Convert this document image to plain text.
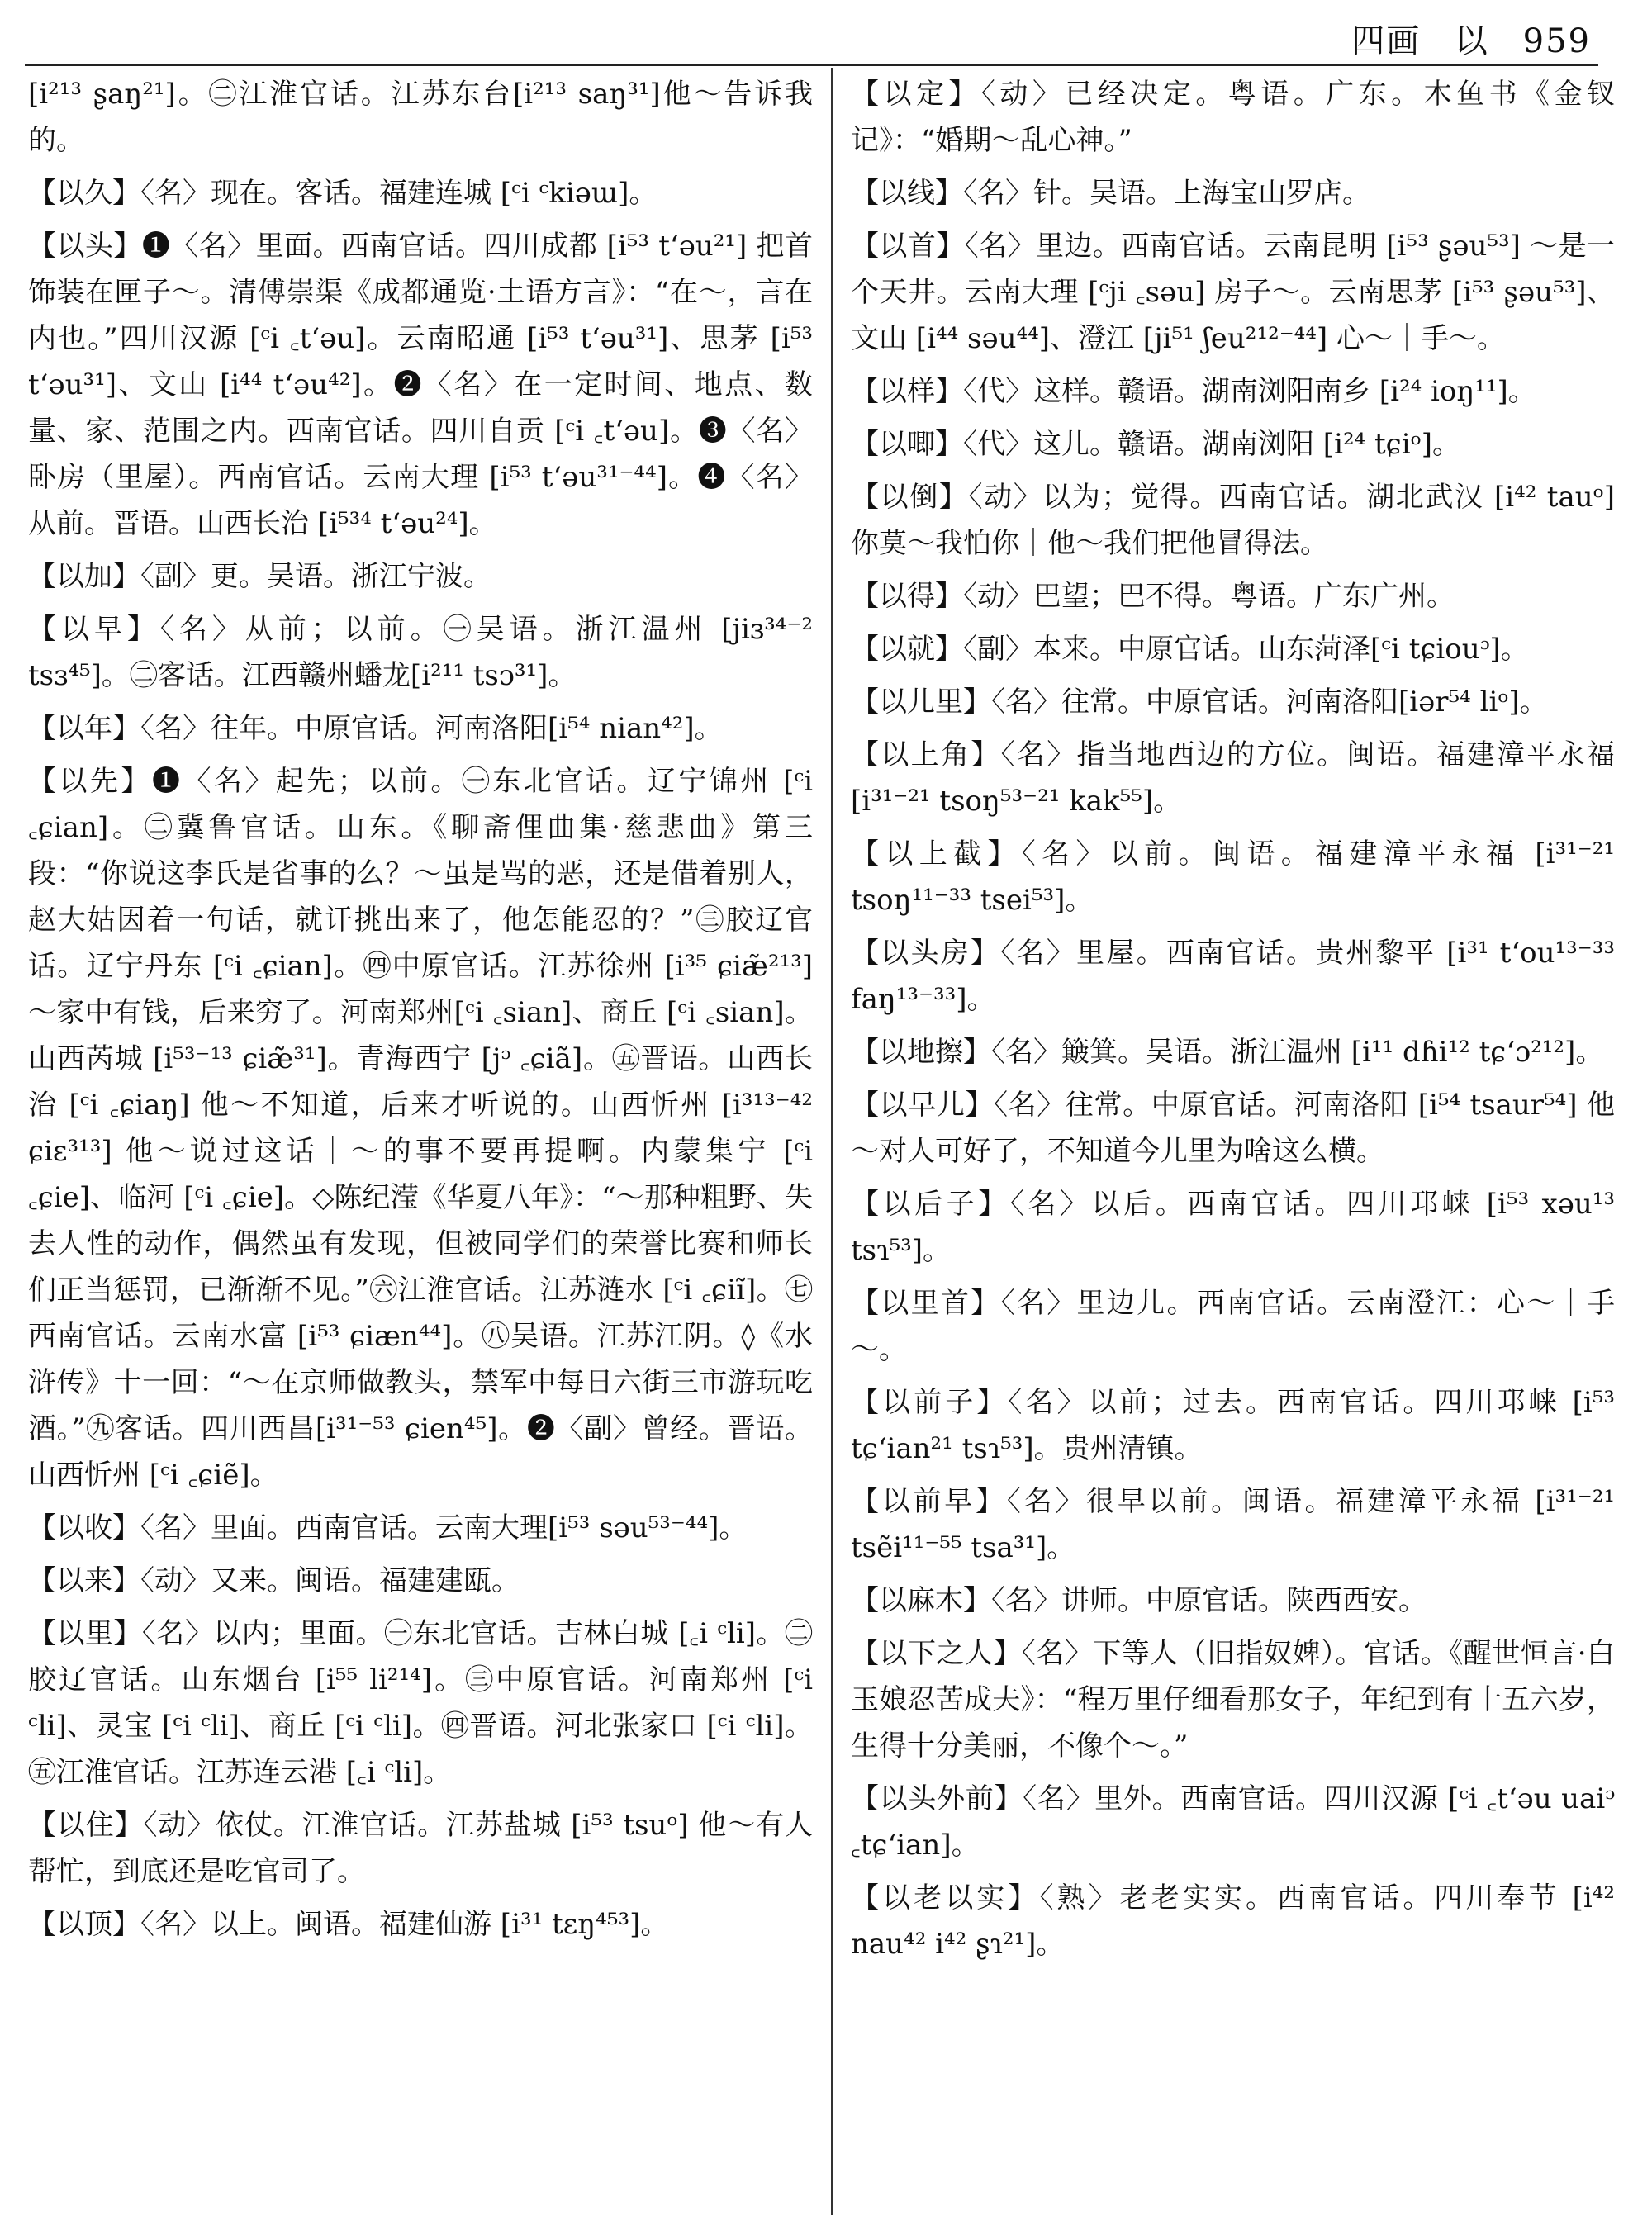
四画 以 959
[i²¹³ ʂaŋ²¹]。㊁江淮官话。江苏东台[i²¹³ saŋ³¹]他～告诉我的。
【以久】〈名〉现在。客话。福建连城 [ᶜi ᶜkiəɯ]。
【以头】❶〈名〉里面。西南官话。四川成都 [i⁵³ tʻəu²¹] 把首饰装在匣子～。清傅崇渠《成都通览·土语方言》：“在～，言在内也。”四川汉源 [ᶜi ꜀tʻəu]。云南昭通 [i⁵³ tʻəu³¹]、思茅 [i⁵³ tʻəu³¹]、文山 [i⁴⁴ tʻəu⁴²]。❷〈名〉在一定时间、地点、数量、家、范围之内。西南官话。四川自贡 [ᶜi ꜀tʻəu]。❸〈名〉卧房（里屋）。西南官话。云南大理 [i⁵³ tʻəu³¹⁻⁴⁴]。❹〈名〉从前。晋语。山西长治 [i⁵³⁴ tʻəu²⁴]。
【以加】〈副〉更。吴语。浙江宁波。
【以早】〈名〉从前；以前。㊀吴语。浙江温州 [jiɜ³⁴⁻² tsɜ⁴⁵]。㊁客话。江西赣州蟠龙[i²¹¹ tsɔ³¹]。
【以年】〈名〉往年。中原官话。河南洛阳[i⁵⁴ nian⁴²]。
【以先】❶〈名〉起先；以前。㊀东北官话。辽宁锦州 [ᶜi ꜀ɕian]。㊁冀鲁官话。山东。《聊斋俚曲集·慈悲曲》第三段：“你说这李氏是省事的么？～虽是骂的恶，还是借着别人，赵大姑因着一句话，就讦挑出来了，他怎能忍的？”㊂胶辽官话。辽宁丹东 [ᶜi ꜀ɕian]。㊃中原官话。江苏徐州 [i³⁵ ɕiæ̃²¹³]～家中有钱，后来穷了。河南郑州[ᶜi ꜀sian]、商丘 [ᶜi ꜀sian]。山西芮城 [i⁵³⁻¹³ ɕiæ̃³¹]。青海西宁 [jᵓ ꜀ɕiã]。㊄晋语。山西长治 [ᶜi ꜀ɕiaŋ] 他～不知道，后来才听说的。山西忻州 [i³¹³⁻⁴² ɕiɛ³¹³] 他～说过这话｜～的事不要再提啊。内蒙集宁 [ᶜi ꜀ɕie]、临河 [ᶜi ꜀ɕie]。◇陈纪滢《华夏八年》：“～那种粗野、失去人性的动作，偶然虽有发现，但被同学们的荣誉比赛和师长们正当惩罚，已渐渐不见。”㊅江淮官话。江苏涟水 [ᶜi ꜀ɕiĩ]。㊆西南官话。云南水富 [i⁵³ ɕiæn⁴⁴]。㊇吴语。江苏江阴。◊《水浒传》十一回：“～在京师做教头，禁军中每日六街三市游玩吃酒。”㊈客话。四川西昌[i³¹⁻⁵³ ɕien⁴⁵]。❷〈副〉曾经。晋语。山西忻州 [ᶜi ꜀ɕiẽ]。
【以收】〈名〉里面。西南官话。云南大理[i⁵³ səu⁵³⁻⁴⁴]。
【以来】〈动〉又来。闽语。福建建瓯。
【以里】〈名〉以内；里面。㊀东北官话。吉林白城 [꜀i ᶜli]。㊁胶辽官话。山东烟台 [i⁵⁵ li²¹⁴]。㊂中原官话。河南郑州 [ᶜi ᶜli]、灵宝 [ᶜi ᶜli]、商丘 [ᶜi ᶜli]。㊃晋语。河北张家口 [ᶜi ᶜli]。㊄江淮官话。江苏连云港 [꜀i ᶜli]。
【以住】〈动〉依仗。江淮官话。江苏盐城 [i⁵³ tsuᵒ] 他～有人帮忙，到底还是吃官司了。
【以顶】〈名〉以上。闽语。福建仙游 [i³¹ tɛŋ⁴⁵³]。
【以定】〈动〉已经决定。粤语。广东。木鱼书《金钗记》：“婚期～乱心神。”
【以线】〈名〉针。吴语。上海宝山罗店。
【以首】〈名〉里边。西南官话。云南昆明 [i⁵³ ʂəu⁵³] ～是一个天井。云南大理 [ᶜji ꜀səu] 房子～。云南思茅 [i⁵³ ʂəu⁵³]、文山 [i⁴⁴ səu⁴⁴]、澄江 [ji⁵¹ ʃeu²¹²⁻⁴⁴] 心～｜手～。
【以样】〈代〉这样。赣语。湖南浏阳南乡 [i²⁴ ioŋ¹¹]。
【以唧】〈代〉这儿。赣语。湖南浏阳 [i²⁴ tɕiᵒ]。
【以倒】〈动〉以为；觉得。西南官话。湖北武汉 [i⁴² tauᵒ] 你莫～我怕你｜他～我们把他冒得法。
【以得】〈动〉巴望；巴不得。粤语。广东广州。
【以就】〈副〉本来。中原官话。山东菏泽[ᶜi tɕiouᵓ]。
【以儿里】〈名〉往常。中原官话。河南洛阳[iər⁵⁴ liᵒ]。
【以上角】〈名〉指当地西边的方位。闽语。福建漳平永福 [i³¹⁻²¹ tsoŋ⁵³⁻²¹ kak⁵⁵]。
【以上截】〈名〉以前。闽语。福建漳平永福 [i³¹⁻²¹ tsoŋ¹¹⁻³³ tsei⁵³]。
【以头房】〈名〉里屋。西南官话。贵州黎平 [i³¹ tʻou¹³⁻³³ faŋ¹³⁻³³]。
【以地擦】〈名〉簸箕。吴语。浙江温州 [i¹¹ dɦi¹² tɕʻɔ²¹²]。
【以早儿】〈名〉往常。中原官话。河南洛阳 [i⁵⁴ tsaur⁵⁴] 他～对人可好了，不知道今儿里为啥这么横。
【以后子】〈名〉以后。西南官话。四川邛崃 [i⁵³ xəu¹³ tsɿ⁵³]。
【以里首】〈名〉里边儿。西南官话。云南澄江：心～｜手～。
【以前子】〈名〉以前；过去。西南官话。四川邛崃 [i⁵³ tɕʻian²¹ tsɿ⁵³]。贵州清镇。
【以前早】〈名〉很早以前。闽语。福建漳平永福 [i³¹⁻²¹ tsẽi¹¹⁻⁵⁵ tsa³¹]。
【以麻木】〈名〉讲师。中原官话。陕西西安。
【以下之人】〈名〉下等人（旧指奴婢）。官话。《醒世恒言·白玉娘忍苦成夫》：“程万里仔细看那女子，年纪到有十五六岁，生得十分美丽，不像个～。”
【以头外前】〈名〉里外。西南官话。四川汉源 [ᶜi ꜀tʻəu uaiᵓ ꜀tɕʻian]。
【以老以实】〈熟〉老老实实。西南官话。四川奉节 [i⁴² nau⁴² i⁴² ʂɿ²¹]。
